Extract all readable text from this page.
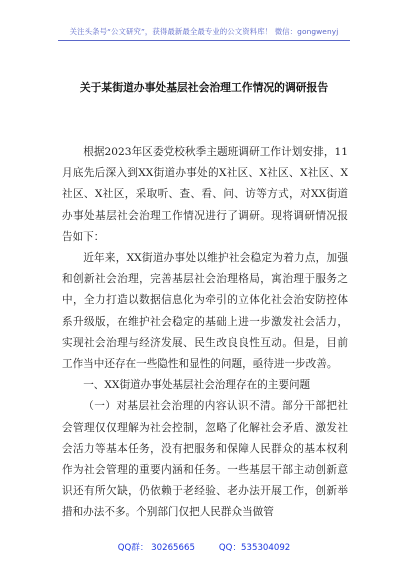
关注头条号“公文研究”，获得最新最全最专业的公文资料库！ 微信：gongwenyj
关于某街道办事处基层社会治理工作情况的调研报告

根据2023年区委党校秋季主题班调研工作计划安排，11月底先后深入到XX街道办事处的X社区、X社区、X社区、X社区、X社区，采取听、查、看、问、访等方式，对XX街道办事处基层社会治理工作情况进行了调研。现将调研情况报告如下：

近年来，XX街道办事处以维护社会稳定为着力点，加强和创新社会治理，完善基层社会治理格局，寓治理于服务之中，全力打造以数据信息化为牵引的立体化社会治安防控体系升级版，在维护社会稳定的基础上进一步激发社会活力，实现社会治理与经济发展、民生改良良性互动。但是，目前工作当中还存在一些隐性和显性的问题，亟待进一步改善。

一、XX街道办事处基层社会治理存在的主要问题

（一）对基层社会治理的内容认识不清。部分干部把社会管理仅仅理解为社会控制，忽略了化解社会矛盾、激发社会活力等基本任务，没有把服务和保障人民群众的基本权利作为社会管理的重要内涵和任务。一些基层干部主动创新意识还有所欠缺，仍依赖于老经验、老办法开展工作，创新举措和办法不多。个别部门仅把人民群众当做管

QQ群： 30265665	QQ：535304092
